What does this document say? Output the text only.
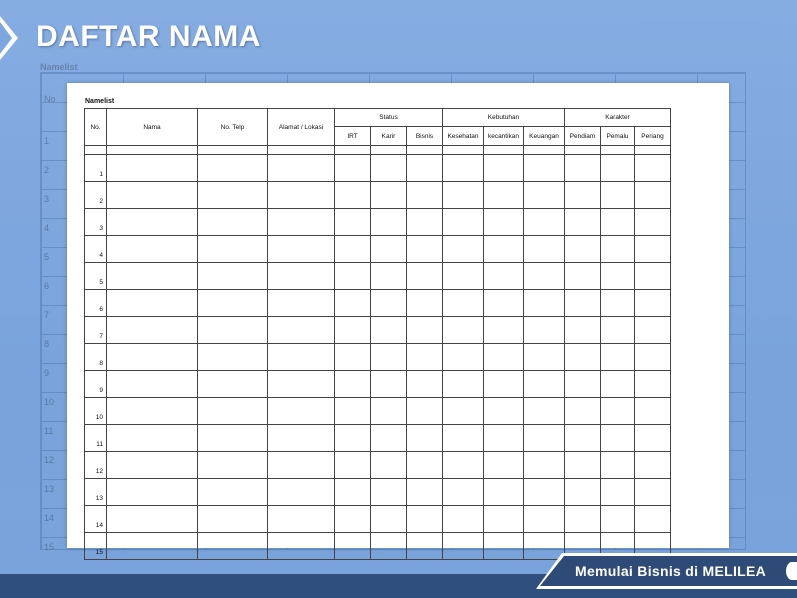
Namelist
No
1
2
3
4
5
6
7
8
9
10
11
12
13
14
15
DAFTAR NAMA
Namelist
No.	Nama	No. Telp	Alamat / Lokasi	Status			Kebutuhan			Karakter		
				IRT	Karir	Bisnis	Kesehatan	kecantikan	Keuangan	Pendiam	Pemalu	Periang

1												
2												
3												
4												
5												
6												
7												
8												
9												
10												
11												
12												
13												
14												
15												
Memulai Bisnis di MELILEA
